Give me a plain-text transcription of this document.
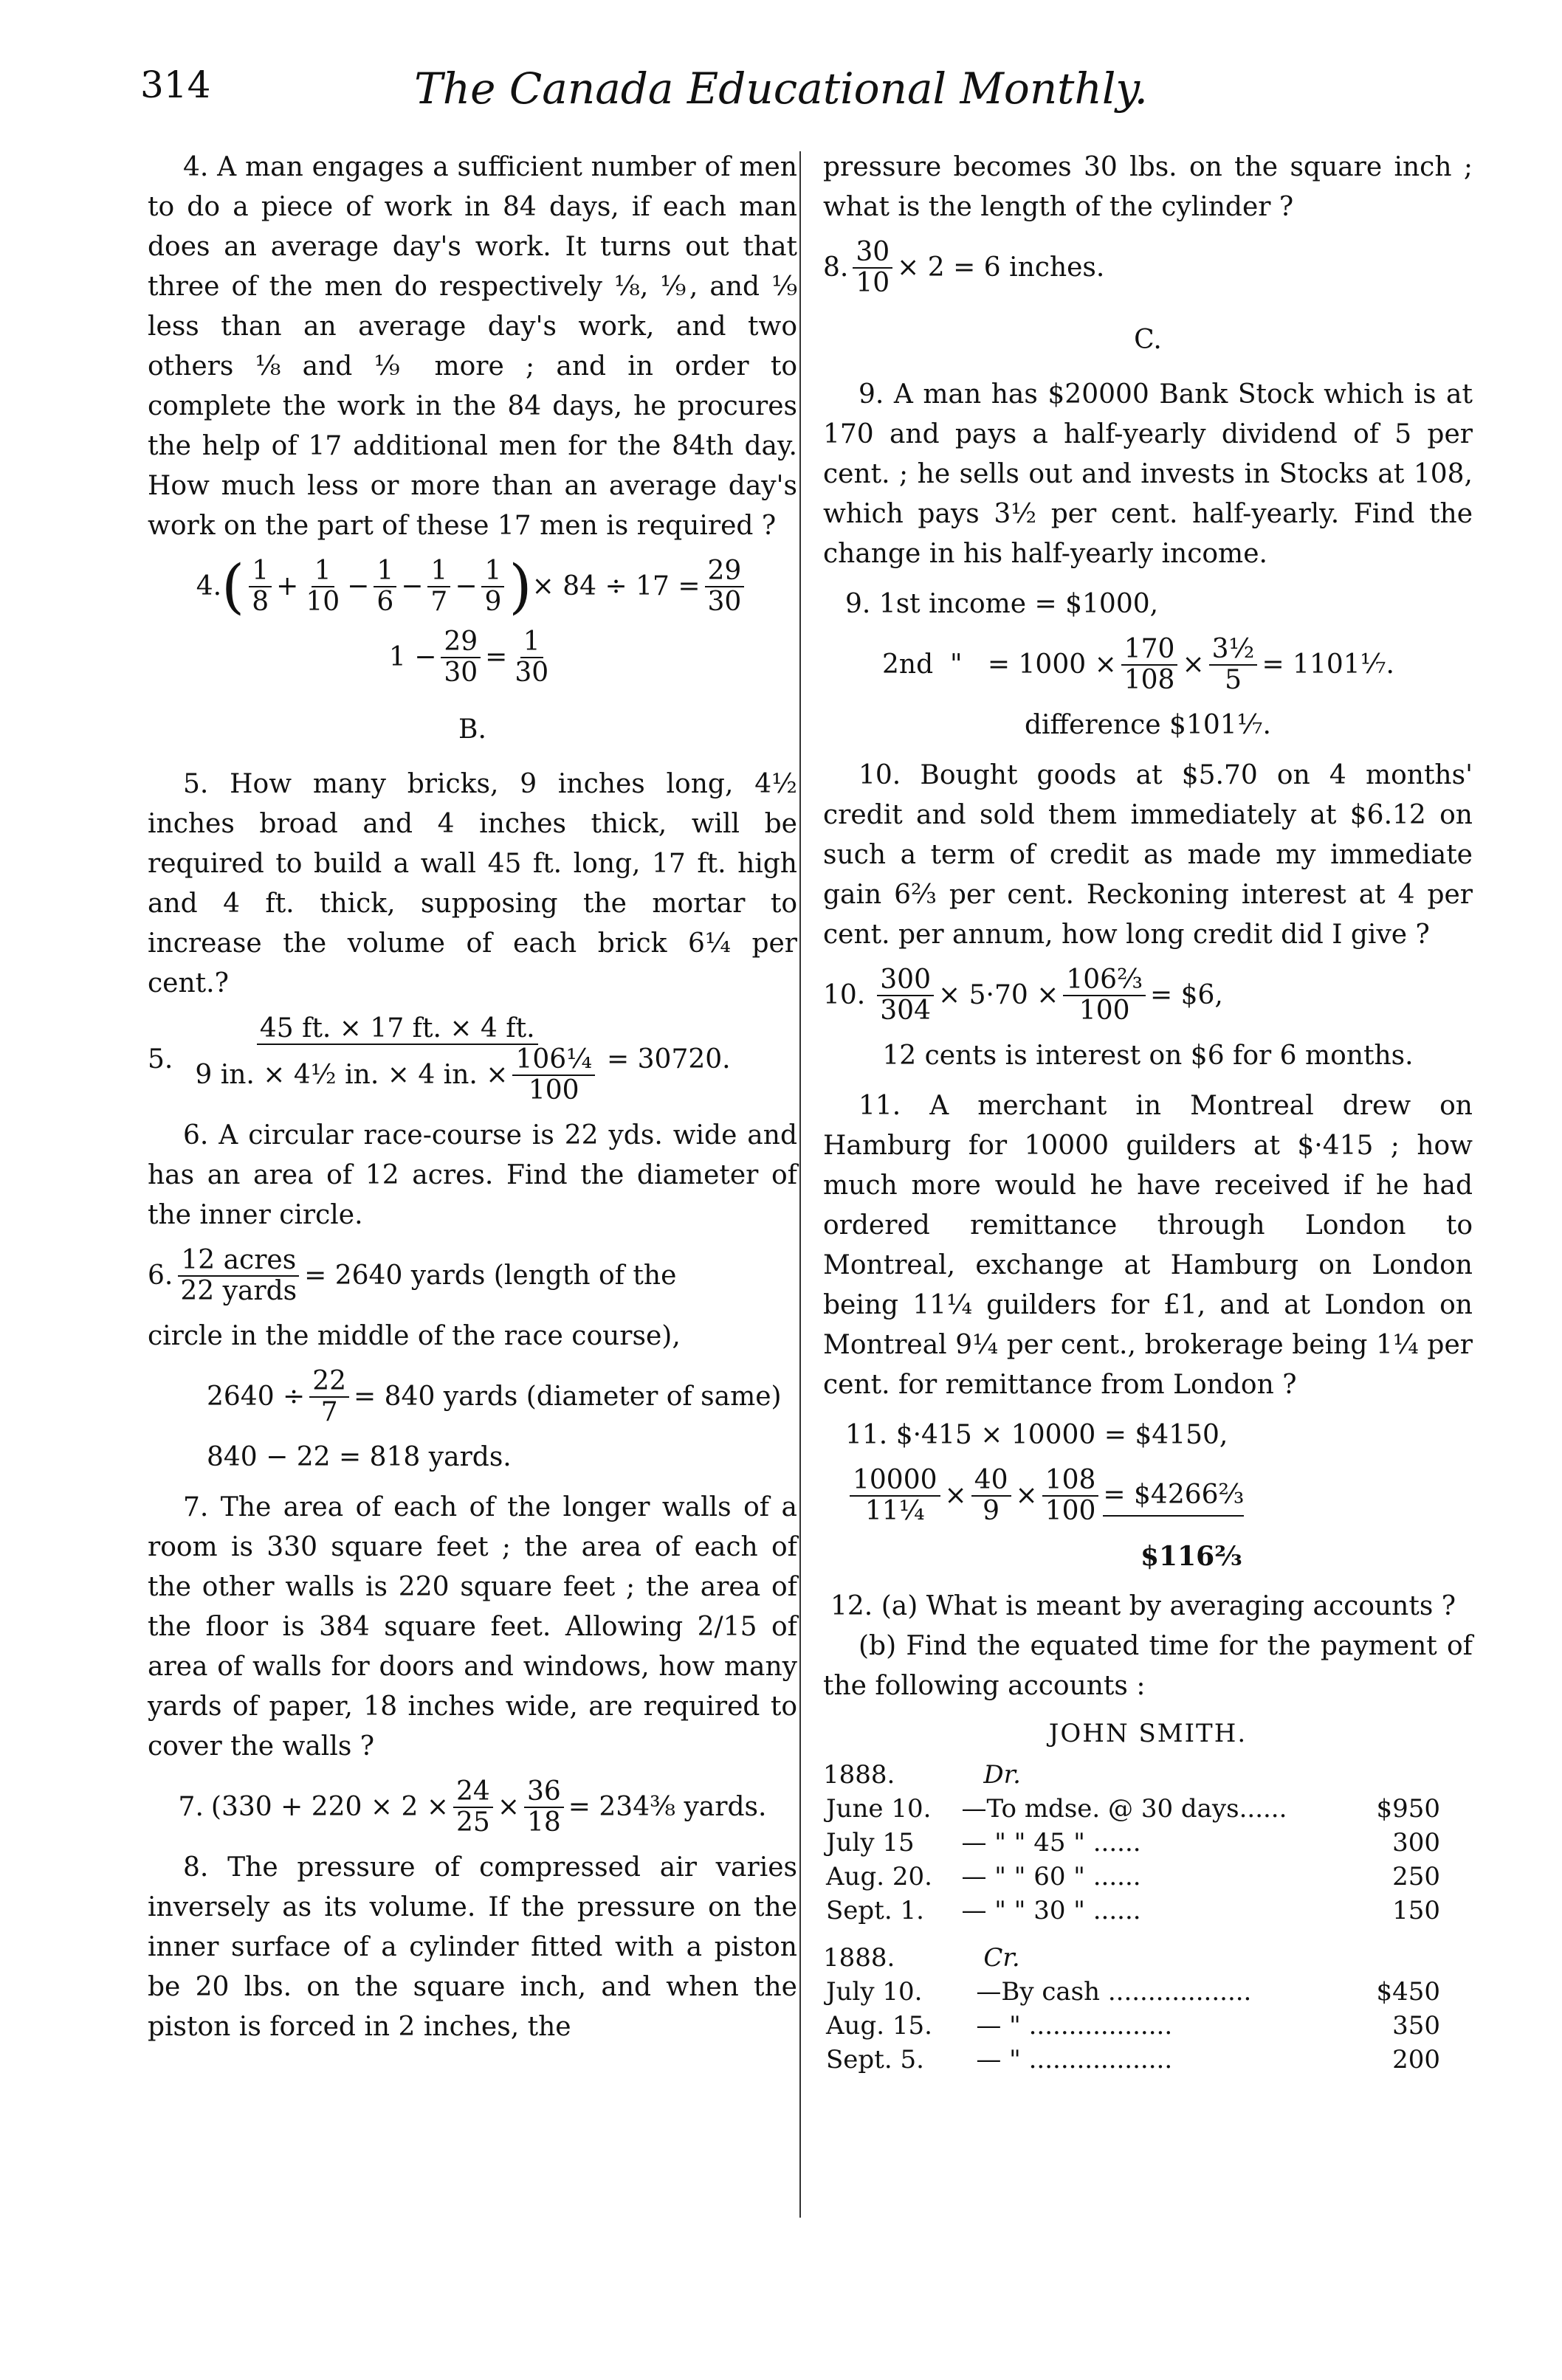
314	The Canada Educational Monthly.

4. A man engages a sufficient number of men to do a piece of work in 84 days, if each man does an average day's work. It turns out that three of the men do respectively ⅛, ⅑, and ⅑ less than an average day's work, and two others ⅛ and ⅑ more ; and in order to complete the work in the 84 days, he procures the help of 17 additional men for the 84th day. How much less or more than an average day's work on the part of these 17 men is required ?

4. ( $\frac{1}{8} + \frac{1}{10} - \frac{1}{6} - \frac{1}{7} - \frac{1}{9}$ ) × $84 \div 17 = \frac{29}{30}$
$1 - \frac{29}{30} = \frac{1}{30}$
B.

5. How many bricks, 9 inches long, 4½ inches broad and 4 inches thick, will be required to build a wall 45 ft. long, 17 ft. high and 4 ft. thick, supposing the mortar to increase the volume of each brick 6¼ per cent.?

5. $\frac{45 ft. \times 17 ft. \times 4 ft.}{9 in. \times 4\frac{1}{2} in. \times 4 in. \times \frac{\text{106¼}}{100}} = 30720$.

6. A circular race-course is 22 yds. wide and has an area of 12 acres. Find the diameter of the inner circle.

6. $\frac{\text{12 acres}}{\text{22 yards}} = 2640$ yards (length of the

circle in the middle of the race course),

$2640 \div \frac{22}{7} = 840$ yards (diameter of same)
840 − 22 = 818 yards.

7. The area of each of the longer walls of a room is 330 square feet ; the area of each of the other walls is 220 square feet ; the area of the floor is 384 square feet. Allowing 2/15 of area of walls for doors and windows, how many yards of paper, 18 inches wide, are required to cover the walls ?

7. ($330 + 220 \times 2 \times \frac{24}{25} \times \frac{36}{18}$ = 234⅜ yards.

8. The pressure of compressed air varies inversely as its volume. If the pressure on the inner surface of a cylinder fitted with a piston be 20 lbs. on the square inch, and when the piston is forced in 2 inches, the

pressure becomes 30 lbs. on the square inch ; what is the length of the cylinder ?

8. $\frac{30}{10} \times 2 = 6$ inches.
C.

9. A man has $20000 Bank Stock which is at 170 and pays a half-yearly dividend of 5 per cent. ; he sells out and invests in Stocks at 108, which pays 3½ per cent. half-yearly. Find the change in his half-yearly income.

9. 1st income = $1000,
2nd  "   = $1000 \times \frac{170}{108} \times \frac{\text{3½}}{5}$ = 1101⅐.
difference $101⅐.

10. Bought goods at $5.70 on 4 months' credit and sold them immediately at $6.12 on such a term of credit as made my immediate gain 6⅔ per cent. Reckoning interest at 4 per cent. per annum, how long credit did I give ?

10. $\frac{300}{304} \times 5\cdot 70 \times \frac{\text{106⅔}}{100}$ = $6,
12 cents is interest on $6 for 6 months.

11. A merchant in Montreal drew on Hamburg for 10000 guilders at $·415 ; how much more would he have received if he had ordered remittance through London to Montreal, exchange at Hamburg on London being 11¼ guilders for £1, and at London on Montreal 9¼ per cent., brokerage being 1¼ per cent. for remittance from London ?

11. $·415 × 10000 = $4150,
$\frac{10000}{\text{11¼}} \times \frac{40}{9} \times \frac{108}{100}$ = $4266⅔
$116⅔

12. (a) What is meant by averaging accounts ?

(b) Find the equated time for the payment of the following accounts :

JOHN SMITH.
1888.	Dr.
June 10.	—To mdse. @ 30 days......	$950
July 15	— " " 45 " ......	300
Aug. 20.	— " " 60 " ......	250
Sept. 1.	— " " 30 " ......	150
1888.	Cr.
July 10.	—By cash ..................	$450
Aug. 15.	— " ..................	350
Sept. 5.	— " ..................	200
